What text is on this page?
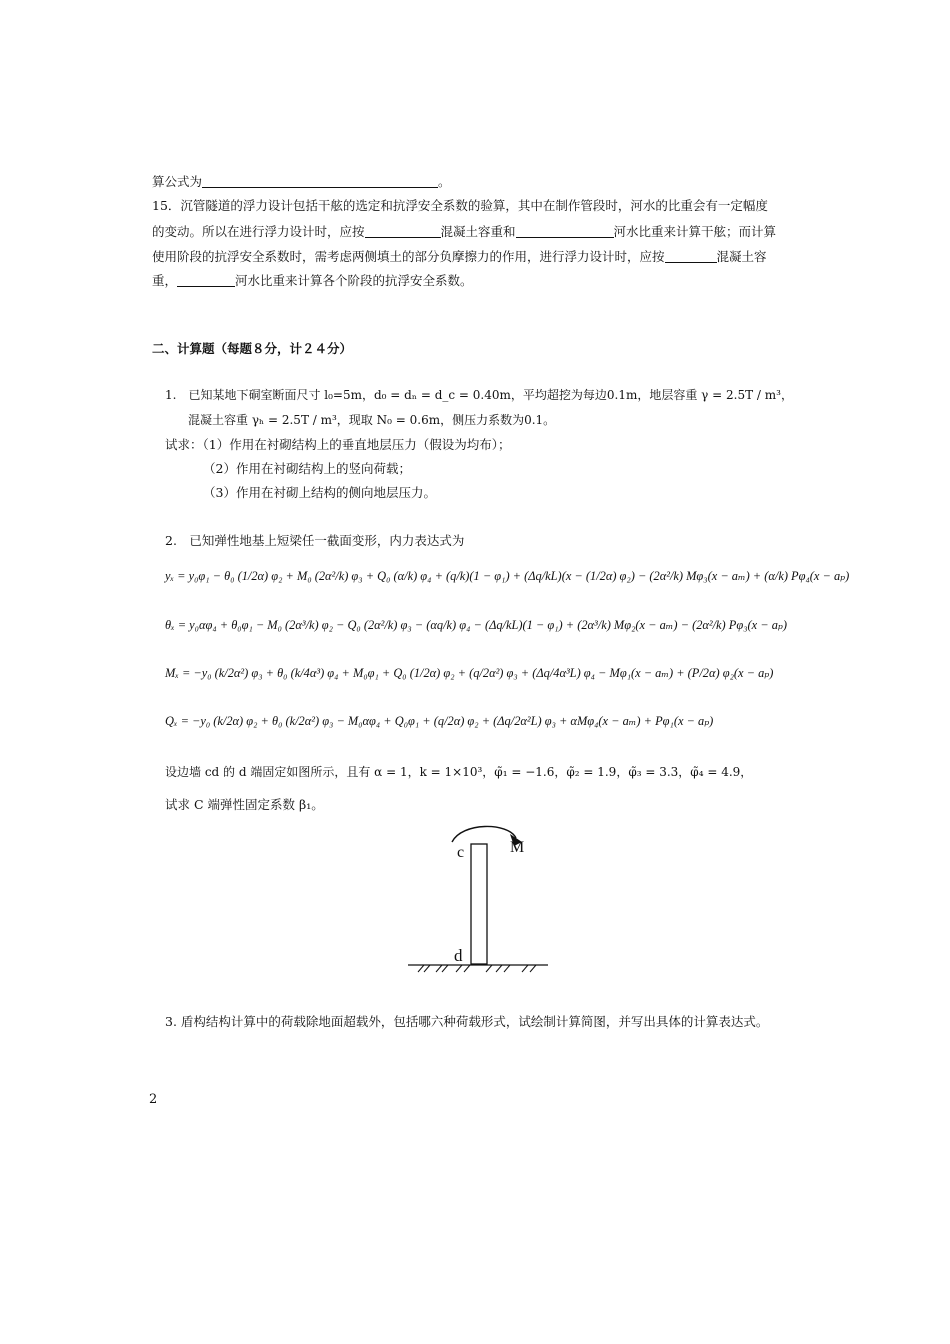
算公式为	。
15．沉管隧道的浮力设计包括干舷的选定和抗浮安全系数的验算，其中在制作管段时，河水的比重会有一定幅度
的变动。所以在进行浮力设计时，应按	混凝土容重和	河水比重来计算干舷；而计算
使用阶段的抗浮安全系数时，需考虑两侧填土的部分负摩擦力的作用，进行浮力设计时，应按	混凝土容
重，	河水比重来计算各个阶段的抗浮安全系数。
二、计算题（每题８分，计２４分）
1.　已知某地下硐室断面尺寸 l₀=5m，d₀ = dₙ = d_c = 0.40m，平均超挖为每边0.1m，地层容重 γ = 2.5T / m³，
混凝土容重 γₕ = 2.5T / m³，现取 N₀ = 0.6m，侧压力系数为0.1。
试求：（1）作用在衬砌结构上的垂直地层压力（假设为均布）；
（2）作用在衬砌结构上的竖向荷载；
（3）作用在衬砌上结构的侧向地层压力。
2.　已知弹性地基上短梁任一截面变形，内力表达式为
yₓ = y₀φ₁ − θ₀ (1/2α) φ₂ + M₀ (2α²/k) φ₃ + Q₀ (α/k) φ₄ + (q/k)(1 − φ₁) + (Δq/kL)(x − (1/2α) φ₂) − (2α²/k) Mφ₃(x − aₘ) + (α/k) Pφ₄(x − aₚ)
θₓ = y₀αφ₄ + θ₀φ₁ − M₀ (2α³/k) φ₂ − Q₀ (2α²/k) φ₃ − (αq/k) φ₄ − (Δq/kL)(1 − φ₁) + (2α³/k) Mφ₂(x − aₘ) − (2α²/k) Pφ₃(x − aₚ)
Mₓ = −y₀ (k/2α²) φ₃ + θ₀ (k/4α³) φ₄ + M₀φ₁ + Q₀ (1/2α) φ₂ + (q/2α²) φ₃ + (Δq/4α³L) φ₄ − Mφ₁(x − aₘ) + (P/2α) φ₂(x − aₚ)
Qₓ = −y₀ (k/2α) φ₂ + θ₀ (k/2α²) φ₃ − M₀αφ₄ + Q₀φ₁ + (q/2α) φ₂ + (Δq/2α²L) φ₃ + αMφ₄(x − aₘ) + Pφ₁(x − aₚ)
设边墙 cd 的 d 端固定如图所示，且有 α = 1，k = 1×10³，φ̃₁ = −1.6，φ̃₂ = 1.9，φ̃₃ = 3.3，φ̃₄ = 4.9，
试求 C 端弹性固定系数 β₁。
c
d
M
3. 盾构结构计算中的荷载除地面超载外，包括哪六种荷载形式，试绘制计算简图，并写出具体的计算表达式。
2
